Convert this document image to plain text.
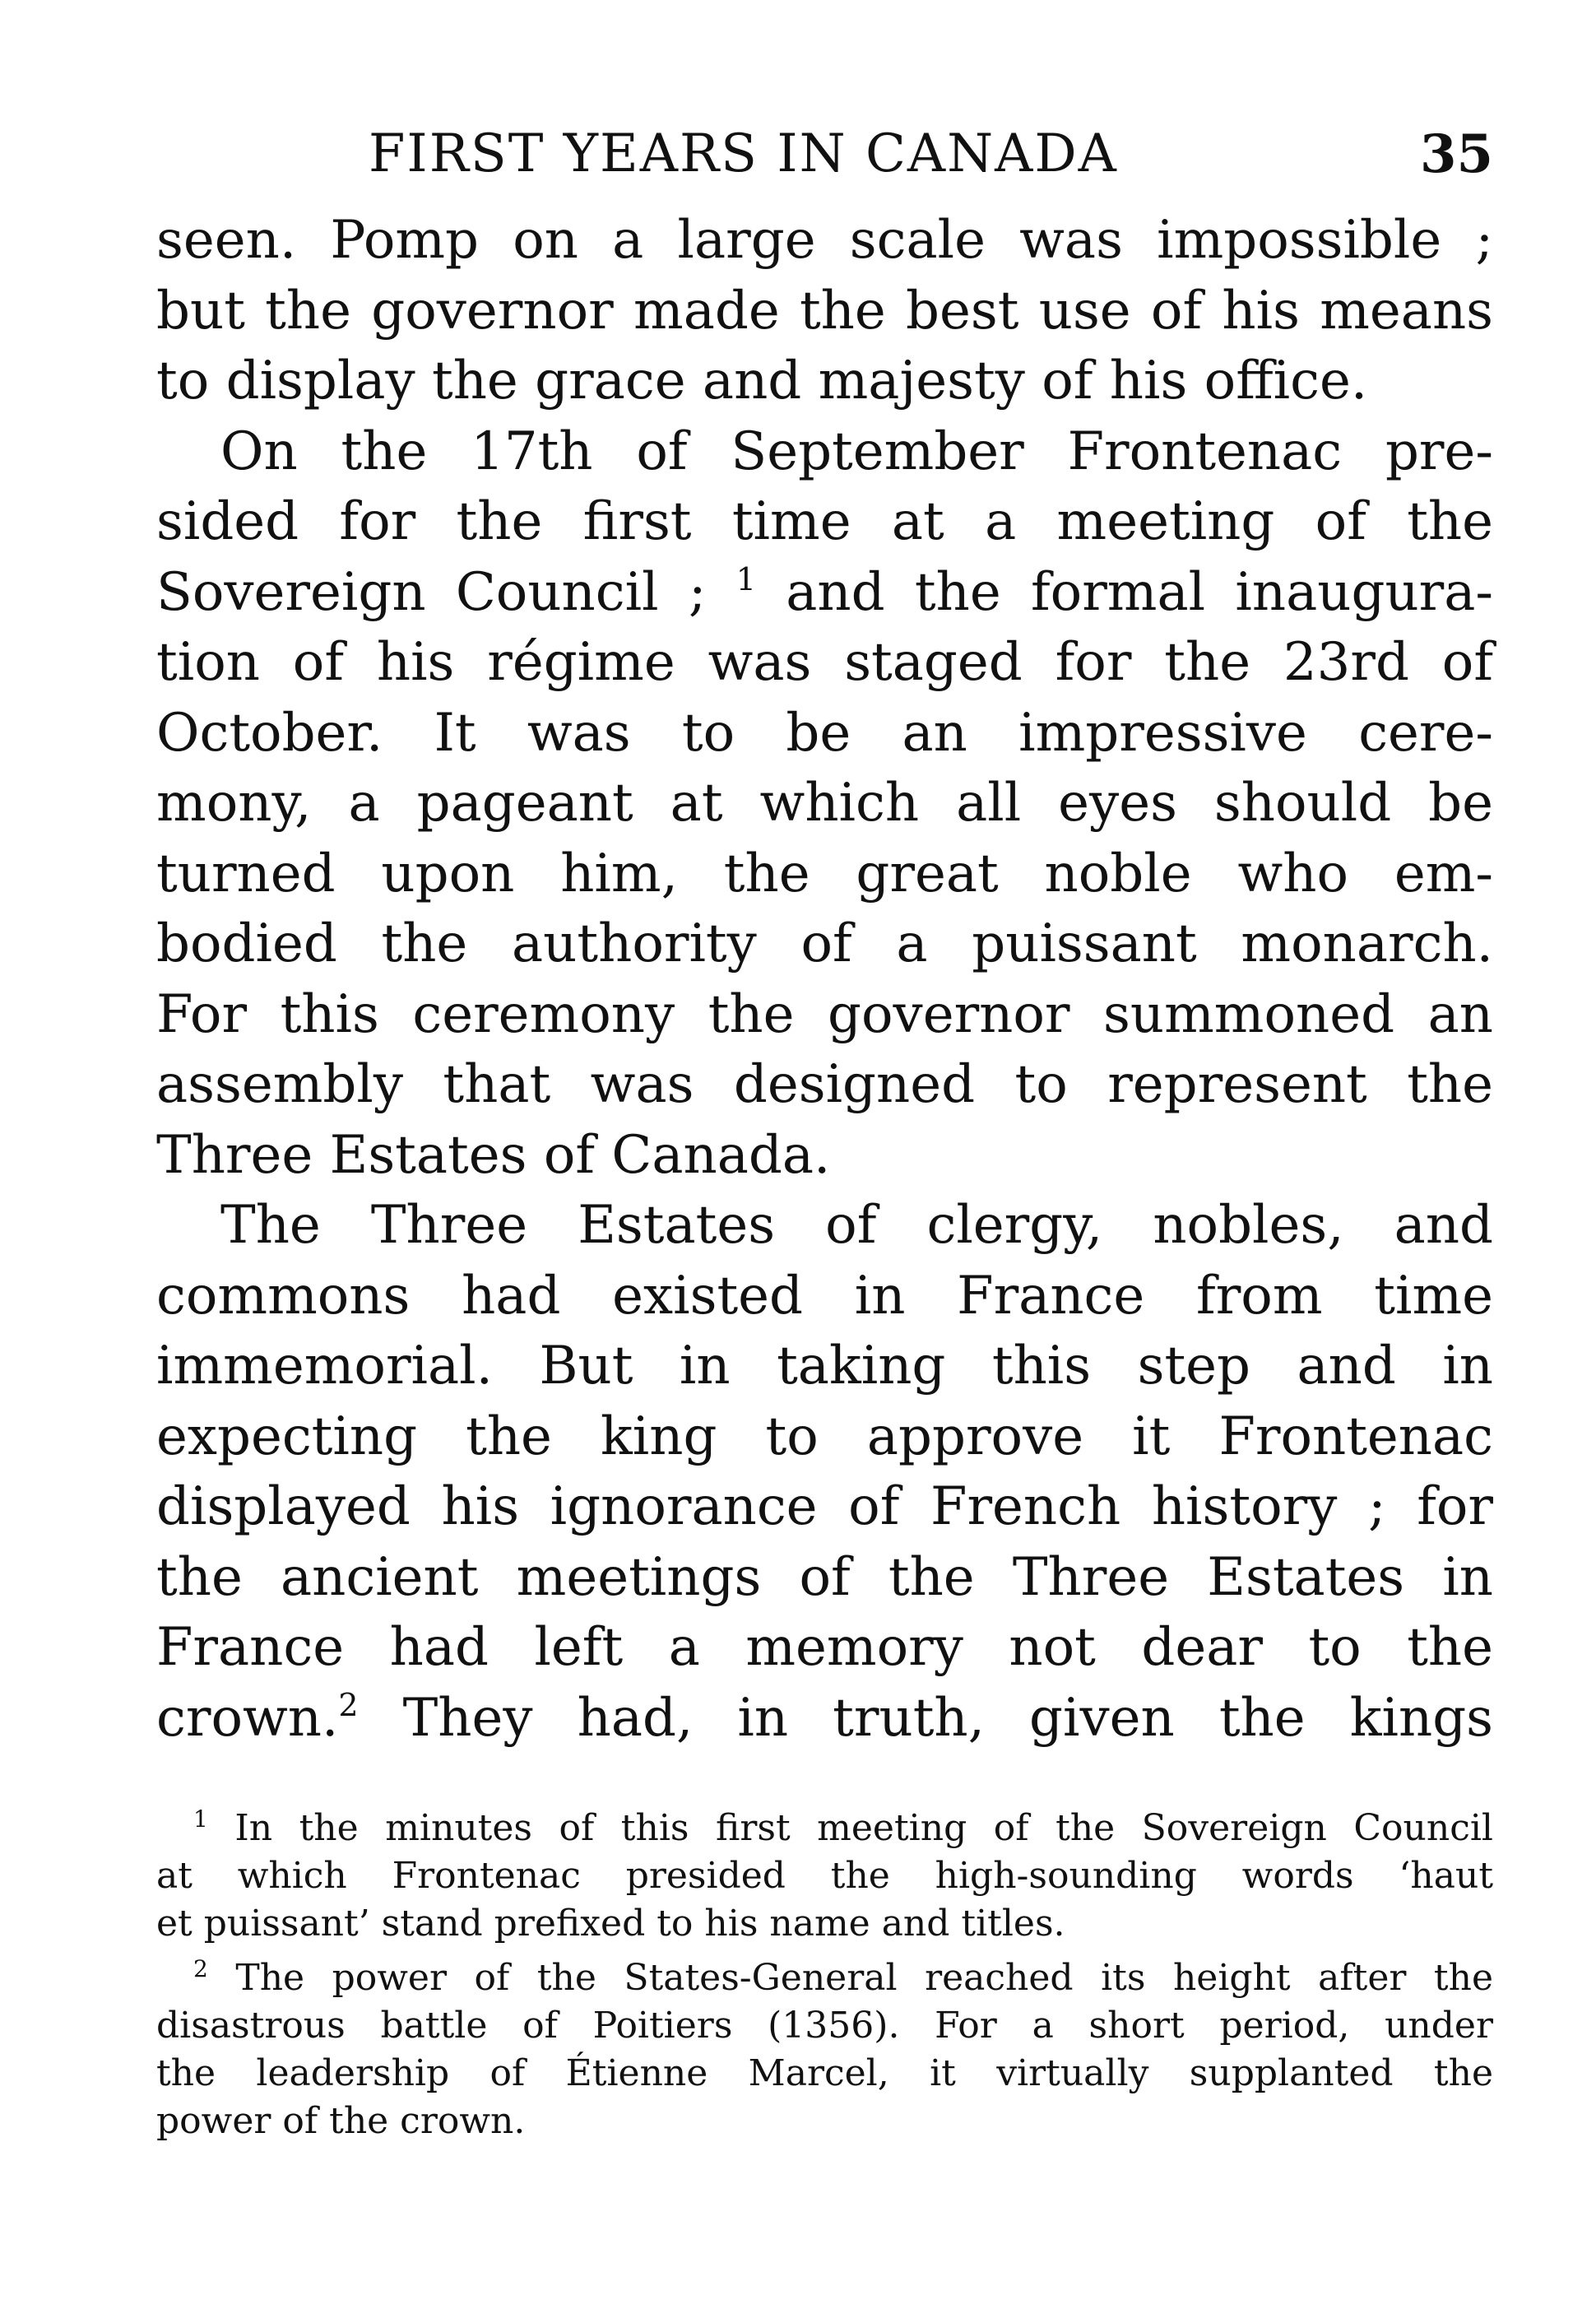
FIRST YEARS IN CANADA	35
seen. Pomp on a large scale was impossible ;
but the governor made the best use of his means
to display the grace and majesty of his office.
On the 17th of September Frontenac pre-
sided for the first time at a meeting of the
Sovereign Council ; $^1$ and the formal inaugura-
tion of his régime was staged for the 23rd of
October. It was to be an impressive cere-
mony, a pageant at which all eyes should be
turned upon him, the great noble who em-
bodied the authority of a puissant monarch.
For this ceremony the governor summoned an
assembly that was designed to represent the
Three Estates of Canada.
The Three Estates of clergy, nobles, and
commons had existed in France from time
immemorial. But in taking this step and in
expecting the king to approve it Frontenac
displayed his ignorance of French history ; for
the ancient meetings of the Three Estates in
France had left a memory not dear to the
crown.$^2$ They had, in truth, given the kings
$^1$ In the minutes of this first meeting of the Sovereign Council
at which Frontenac presided the high-sounding words ‘haut
et puissant’ stand prefixed to his name and titles.
$^2$ The power of the States-General reached its height after the
disastrous battle of Poitiers (1356). For a short period, under
the leadership of Étienne Marcel, it virtually supplanted the
power of the crown.
